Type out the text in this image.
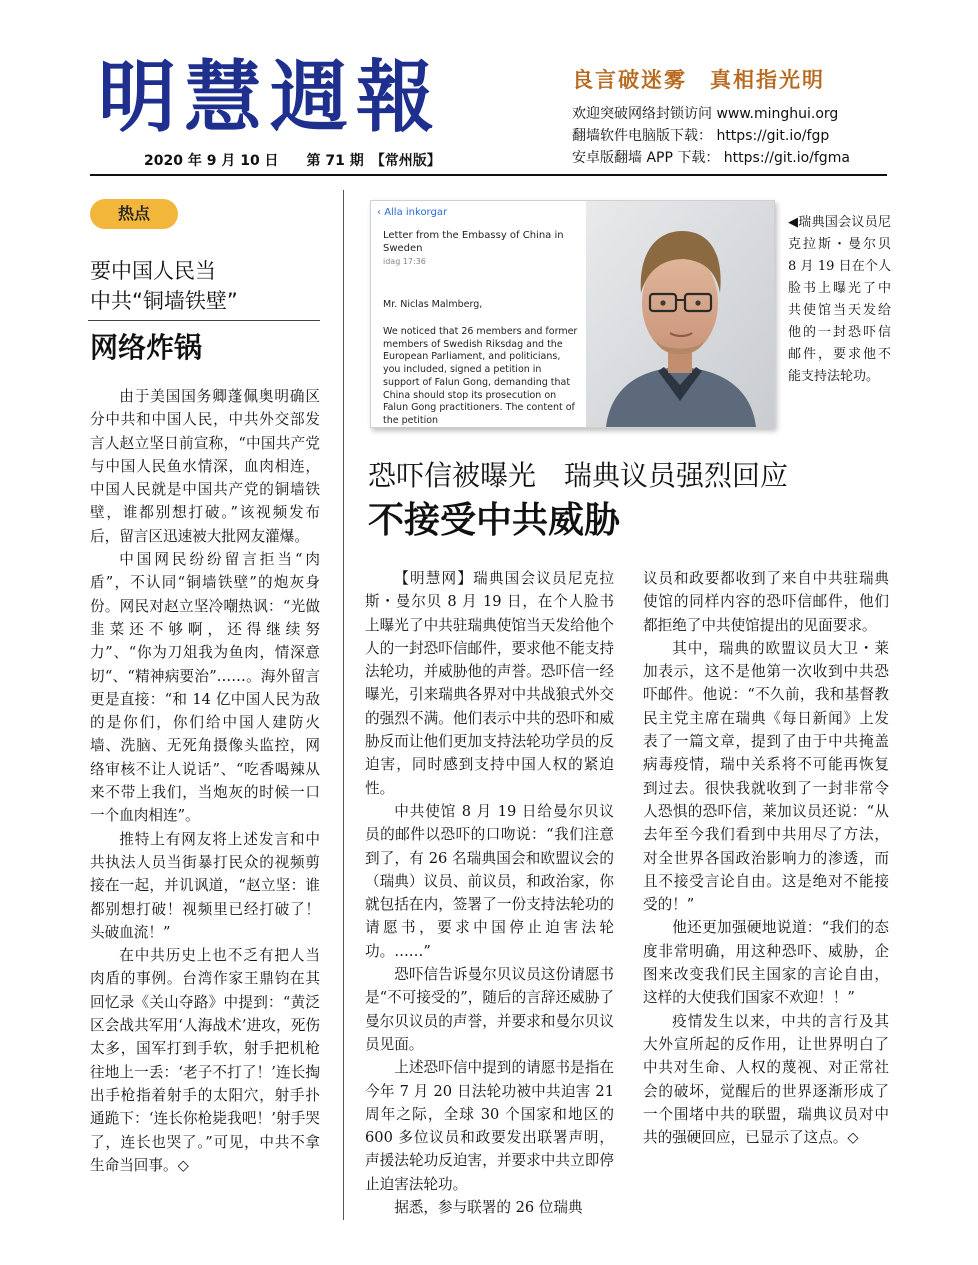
明慧週報	良言破迷雾　真相指光明
欢迎突破网络封锁访问 www.minghui.org
翻墙软件电脑版下载： https://git.io/fgp
安卓版翻墙 APP 下载： https://git.io/fgma
2020 年 9 月 10 日　　第 71 期　【常州版】
热点
要中国人民当
中共“铜墙铁壁”
网络炸锅

由于美国国务卿蓬佩奥明确区分中共和中国人民，中共外交部发言人赵立坚日前宣称，“中国共产党与中国人民鱼水情深，血肉相连，中国人民就是中国共产党的铜墙铁壁，谁都别想打破。”该视频发布后，留言区迅速被大批网友灌爆。

中国网民纷纷留言拒当“肉盾”，不认同“铜墙铁壁”的炮灰身份。网民对赵立坚冷嘲热讽：“光做韭菜还不够啊，还得继续努力”、“你为刀俎我为鱼肉，情深意切“、“精神病要治”……。海外留言更是直接：“和 14 亿中国人民为敌的是你们，你们给中国人建防火墙、洗脑、无死角摄像头监控，网络审核不让人说话”、“吃香喝辣从来不带上我们，当炮灰的时候一口一个血肉相连”。

推特上有网友将上述发言和中共执法人员当街暴打民众的视频剪接在一起，并讥讽道，“赵立坚：谁都别想打破！视频里已经打破了！头破血流！”

在中共历史上也不乏有把人当肉盾的事例。台湾作家王鼎钧在其回忆录《关山夺路》中提到：“黄泛区会战共军用‘人海战术’进攻，死伤太多，国军打到手软，射手把机枪往地上一丢：‘老子不打了！’连长掏出手枪指着射手的太阳穴，射手扑通跪下：‘连长你枪毙我吧！’射手哭了，连长也哭了。”可见，中共不拿生命当回事。◇

‹ Alla inkorgar
Letter from the Embassy of China in Sweden
idag 17:36
Mr. Niclas Malmberg,
We noticed that 26 members and former members of Swedish Riksdag and the European Parliament, and politicians, you included, signed a petition in support of Falun Gong, demanding that China should stop its prosecution on Falun Gong practitioners. The content of the petition
◀瑞典国会议员尼克拉斯・曼尔贝 8 月 19 日在个人脸书上曝光了中共使馆当天发给他的一封恐吓信邮件，要求他不能支持法轮功。
恐吓信被曝光　瑞典议员强烈回应
不接受中共威胁

【明慧网】瑞典国会议员尼克拉斯・曼尔贝 8 月 19 日，在个人脸书上曝光了中共驻瑞典使馆当天发给他个人的一封恐吓信邮件，要求他不能支持法轮功，并威胁他的声誉。恐吓信一经曝光，引来瑞典各界对中共战狼式外交的强烈不满。他们表示中共的恐吓和威胁反而让他们更加支持法轮功学员的反迫害，同时感到支持中国人权的紧迫性。

中共使馆 8 月 19 日给曼尔贝议员的邮件以恐吓的口吻说：“我们注意到了，有 26 名瑞典国会和欧盟议会的（瑞典）议员、前议员，和政治家，你就包括在内，签署了一份支持法轮功的请愿书，要求中国停止迫害法轮功。……”

恐吓信告诉曼尔贝议员这份请愿书是“不可接受的”，随后的言辞还威胁了曼尔贝议员的声誉，并要求和曼尔贝议员见面。

上述恐吓信中提到的请愿书是指在今年 7 月 20 日法轮功被中共迫害 21 周年之际，全球 30 个国家和地区的 600 多位议员和政要发出联署声明，声援法轮功反迫害，并要求中共立即停止迫害法轮功。

据悉，参与联署的 26 位瑞典

议员和政要都收到了来自中共驻瑞典使馆的同样内容的恐吓信邮件，他们都拒绝了中共使馆提出的见面要求。

其中，瑞典的欧盟议员大卫・莱加表示，这不是他第一次收到中共恐吓邮件。他说：“不久前，我和基督教民主党主席在瑞典《每日新闻》上发表了一篇文章，提到了由于中共掩盖病毒疫情，瑞中关系将不可能再恢复到过去。很快我就收到了一封非常令人恐惧的恐吓信，莱加议员还说：“从去年至今我们看到中共用尽了方法，对全世界各国政治影响力的渗透，而且不接受言论自由。这是绝对不能接受的！”

他还更加强硬地说道：“我们的态度非常明确，用这种恐吓、威胁，企图来改变我们民主国家的言论自由，这样的大使我们国家不欢迎！！”

疫情发生以来，中共的言行及其大外宣所起的反作用，让世界明白了中共对生命、人权的蔑视、对正常社会的破坏，觉醒后的世界逐渐形成了一个围堵中共的联盟，瑞典议员对中共的强硬回应，已显示了这点。◇
